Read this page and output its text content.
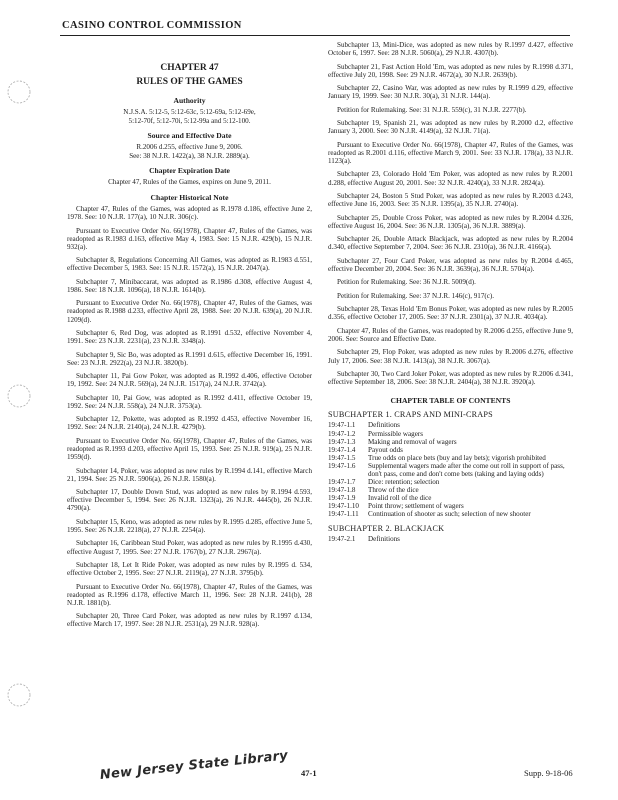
CASINO CONTROL COMMISSION
CHAPTER 47
RULES OF THE GAMES
Authority
N.J.S.A. 5:12-5, 5:12-63c, 5:12-69a, 5:12-69e,
5:12-70f, 5:12-70i, 5:12-99a and 5:12-100.
Source and Effective Date
R.2006 d.255, effective June 9, 2006.
See: 38 N.J.R. 1422(a), 38 N.J.R. 2889(a).
Chapter Expiration Date
Chapter 47, Rules of the Games, expires on June 9, 2011.
Chapter Historical Note

Chapter 47, Rules of the Games, was adopted as R.1978 d.186, effective June 2, 1978. See: 10 N.J.R. 177(a), 10 N.J.R. 306(c).

Pursuant to Executive Order No. 66(1978), Chapter 47, Rules of the Games, was readopted as R.1983 d.163, effective May 4, 1983. See: 15 N.J.R. 429(b), 15 N.J.R. 932(a).

Subchapter 8, Regulations Concerning All Games, was adopted as R.1983 d.551, effective December 5, 1983. See: 15 N.J.R. 1572(a), 15 N.J.R. 2047(a).

Subchapter 7, Minibaccarat, was adopted as R.1986 d.308, effective August 4, 1986. See: 18 N.J.R. 1096(a), 18 N.J.R. 1614(b).

Pursuant to Executive Order No. 66(1978), Chapter 47, Rules of the Games, was readopted as R.1988 d.233, effective April 28, 1988. See: 20 N.J.R. 639(a), 20 N.J.R. 1209(d).

Subchapter 6, Red Dog, was adopted as R.1991 d.532, effective November 4, 1991. See: 23 N.J.R. 2231(a), 23 N.J.R. 3348(a).

Subchapter 9, Sic Bo, was adopted as R.1991 d.615, effective December 16, 1991. See: 23 N.J.R. 2922(a), 23 N.J.R. 3820(b).

Subchapter 11, Pai Gow Poker, was adopted as R.1992 d.406, effective October 19, 1992. See: 24 N.J.R. 569(a), 24 N.J.R. 1517(a), 24 N.J.R. 3742(a).

Subchapter 10, Pai Gow, was adopted as R.1992 d.411, effective October 19, 1992. See: 24 N.J.R. 558(a), 24 N.J.R. 3753(a).

Subchapter 12, Pokette, was adopted as R.1992 d.453, effective November 16, 1992. See: 24 N.J.R. 2140(a), 24 N.J.R. 4279(b).

Pursuant to Executive Order No. 66(1978), Chapter 47, Rules of the Games, was readopted as R.1993 d.203, effective April 15, 1993. See: 25 N.J.R. 919(a), 25 N.J.R. 1959(d).

Subchapter 14, Poker, was adopted as new rules by R.1994 d.141, effective March 21, 1994. See: 25 N.J.R. 5906(a), 26 N.J.R. 1580(a).

Subchapter 17, Double Down Stud, was adopted as new rules by R.1994 d.593, effective December 5, 1994. See: 26 N.J.R. 1323(a), 26 N.J.R. 4445(b), 26 N.J.R. 4790(a).

Subchapter 15, Keno, was adopted as new rules by R.1995 d.285, effective June 5, 1995. See: 26 N.J.R. 2218(a), 27 N.J.R. 2254(a).

Subchapter 16, Caribbean Stud Poker, was adopted as new rules by R.1995 d.430, effective August 7, 1995. See: 27 N.J.R. 1767(b), 27 N.J.R. 2967(a).

Subchapter 18, Let It Ride Poker, was adopted as new rules by R.1995 d. 534, effective October 2, 1995. See: 27 N.J.R. 2119(a), 27 N.J.R. 3795(b).

Pursuant to Executive Order No. 66(1978), Chapter 47, Rules of the Games, was readopted as R.1996 d.178, effective March 11, 1996. See: 28 N.J.R. 241(b), 28 N.J.R. 1881(b).

Subchapter 20, Three Card Poker, was adopted as new rules by R.1997 d.134, effective March 17, 1997. See: 28 N.J.R. 2531(a), 29 N.J.R. 928(a).

Subchapter 13, Mini-Dice, was adopted as new rules by R.1997 d.427, effective October 6, 1997. See: 28 N.J.R. 5060(a), 29 N.J.R. 4307(b).

Subchapter 21, Fast Action Hold 'Em, was adopted as new rules by R.1998 d.371, effective July 20, 1998. See: 29 N.J.R. 4672(a), 30 N.J.R. 2639(b).

Subchapter 22, Casino War, was adopted as new rules by R.1999 d.29, effective January 19, 1999. See: 30 N.J.R. 30(a), 31 N.J.R. 144(a).

Petition for Rulemaking. See: 31 N.J.R. 559(c), 31 N.J.R. 2277(b).

Subchapter 19, Spanish 21, was adopted as new rules by R.2000 d.2, effective January 3, 2000. See: 30 N.J.R. 4149(a), 32 N.J.R. 71(a).

Pursuant to Executive Order No. 66(1978), Chapter 47, Rules of the Games, was readopted as R.2001 d.116, effective March 9, 2001. See: 33 N.J.R. 178(a), 33 N.J.R. 1123(a).

Subchapter 23, Colorado Hold 'Em Poker, was adopted as new rules by R.2001 d.288, effective August 20, 2001. See: 32 N.J.R. 4240(a), 33 N.J.R. 2824(a).

Subchapter 24, Boston 5 Stud Poker, was adopted as new rules by R.2003 d.243, effective June 16, 2003. See: 35 N.J.R. 1395(a), 35 N.J.R. 2740(a).

Subchapter 25, Double Cross Poker, was adopted as new rules by R.2004 d.326, effective August 16, 2004. See: 36 N.J.R. 1305(a), 36 N.J.R. 3889(a).

Subchapter 26, Double Attack Blackjack, was adopted as new rules by R.2004 d.340, effective September 7, 2004. See: 36 N.J.R. 2310(a), 36 N.J.R. 4166(a).

Subchapter 27, Four Card Poker, was adopted as new rules by R.2004 d.465, effective December 20, 2004. See: 36 N.J.R. 3639(a), 36 N.J.R. 5704(a).

Petition for Rulemaking. See: 36 N.J.R. 5009(d).

Petition for Rulemaking. See: 37 N.J.R. 146(c), 917(c).

Subchapter 28, Texas Hold 'Em Bonus Poker, was adopted as new rules by R.2005 d.356, effective October 17, 2005. See: 37 N.J.R. 2301(a), 37 N.J.R. 4034(a).

Chapter 47, Rules of the Games, was readopted by R.2006 d.255, effective June 9, 2006. See: Source and Effective Date.

Subchapter 29, Flop Poker, was adopted as new rules by R.2006 d.276, effective July 17, 2006. See: 38 N.J.R. 1413(a), 38 N.J.R. 3067(a).

Subchapter 30, Two Card Joker Poker, was adopted as new rules by R.2006 d.341, effective September 18, 2006. See: 38 N.J.R. 2404(a), 38 N.J.R. 3920(a).

CHAPTER TABLE OF CONTENTS
SUBCHAPTER 1. CRAPS AND MINI-CRAPS
19:47-1.1	Definitions
19:47-1.2	Permissible wagers
19:47-1.3	Making and removal of wagers
19:47-1.4	Payout odds
19:47-1.5	True odds on place bets (buy and lay bets); vigorish prohibited
19:47-1.6	Supplemental wagers made after the come out roll in support of pass, don't pass, come and don't come bets (taking and laying odds)
19:47-1.7	Dice: retention; selection
19:47-1.8	Throw of the dice
19:47-1.9	Invalid roll of the dice
19:47-1.10	Point throw; settlement of wagers
19:47-1.11	Continuation of shooter as such; selection of new shooter
SUBCHAPTER 2. BLACKJACK
19:47-2.1	Definitions
New Jersey State Library 47-1	Supp. 9-18-06
